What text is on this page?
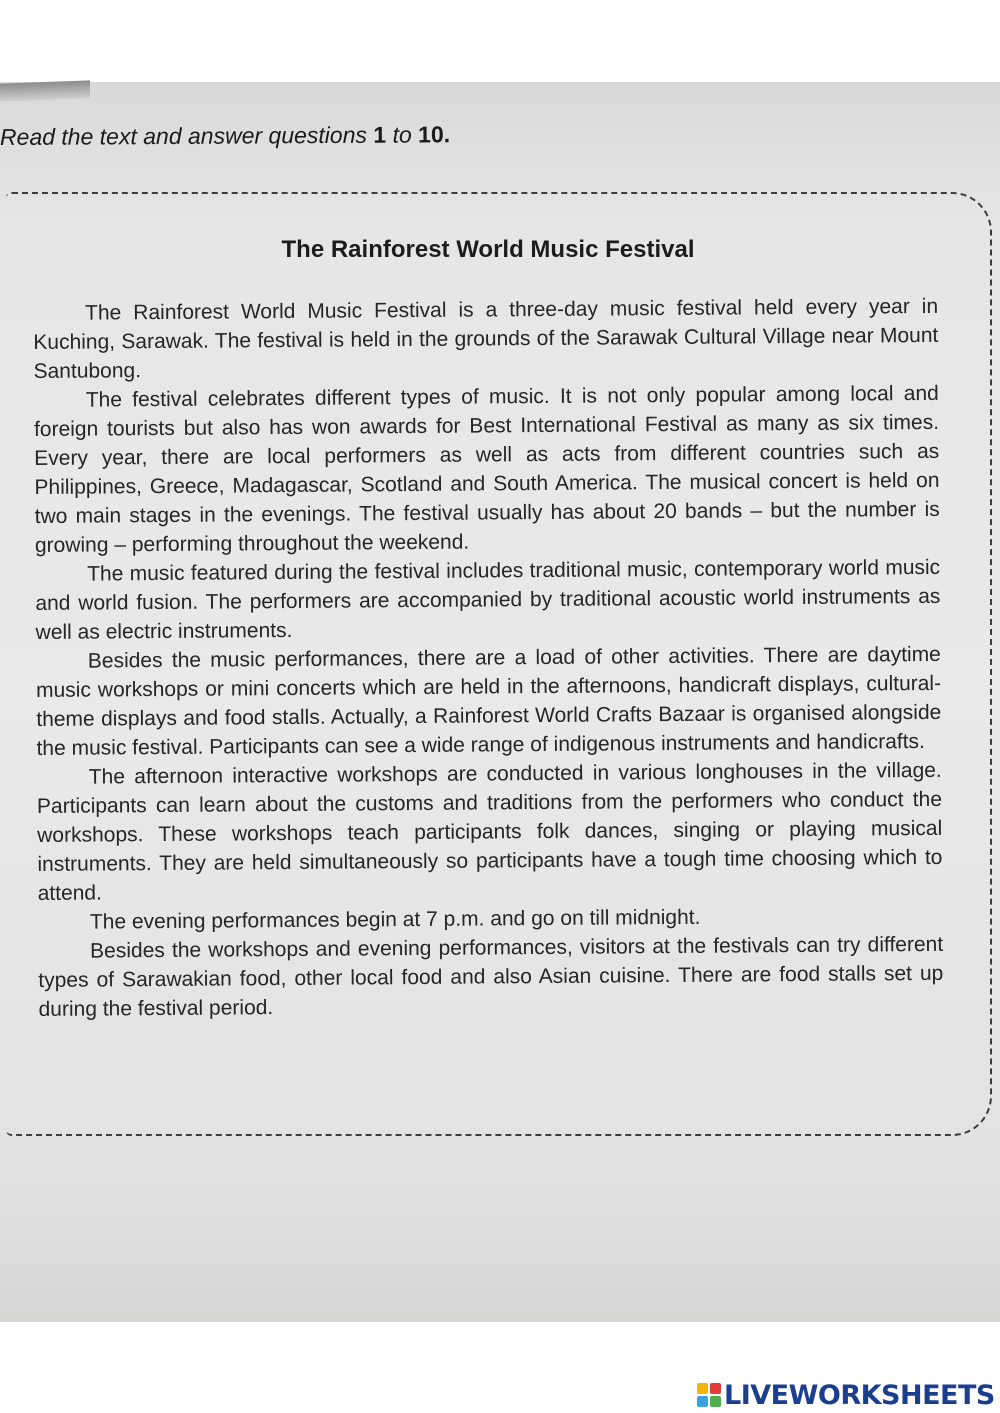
Read the text and answer questions 1 to 10.

The Rainforest World Music Festival

The Rainforest World Music Festival is a three-day music festival held every year in Kuching, Sarawak. The festival is held in the grounds of the Sarawak Cultural Village near Mount Santubong.

The festival celebrates different types of music. It is not only popular among local and foreign tourists but also has won awards for Best International Festival as many as six times. Every year, there are local performers as well as acts from different countries such as Philippines, Greece, Madagascar, Scotland and South America. The musical concert is held on two main stages in the evenings. The festival usually has about 20 bands – but the number is growing – performing throughout the weekend.

The music featured during the festival includes traditional music, contemporary world music and world fusion. The performers are accompanied by traditional acoustic world instruments as well as electric instruments.

Besides the music performances, there are a load of other activities. There are daytime music workshops or mini concerts which are held in the afternoons, handicraft displays, cultural-theme displays and food stalls. Actually, a Rainforest World Crafts Bazaar is organised alongside the music festival. Participants can see a wide range of indigenous instruments and handicrafts.

The afternoon interactive workshops are conducted in various longhouses in the village. Participants can learn about the customs and traditions from the performers who conduct the workshops. These workshops teach participants folk dances, singing or playing musical instruments. They are held simultaneously so participants have a tough time choosing which to attend.

The evening performances begin at 7 p.m. and go on till midnight.

Besides the workshops and evening performances, visitors at the festivals can try different types of Sarawakian food, other local food and also Asian cuisine. There are food stalls set up during the festival period.

LIVEWORKSHEETS
